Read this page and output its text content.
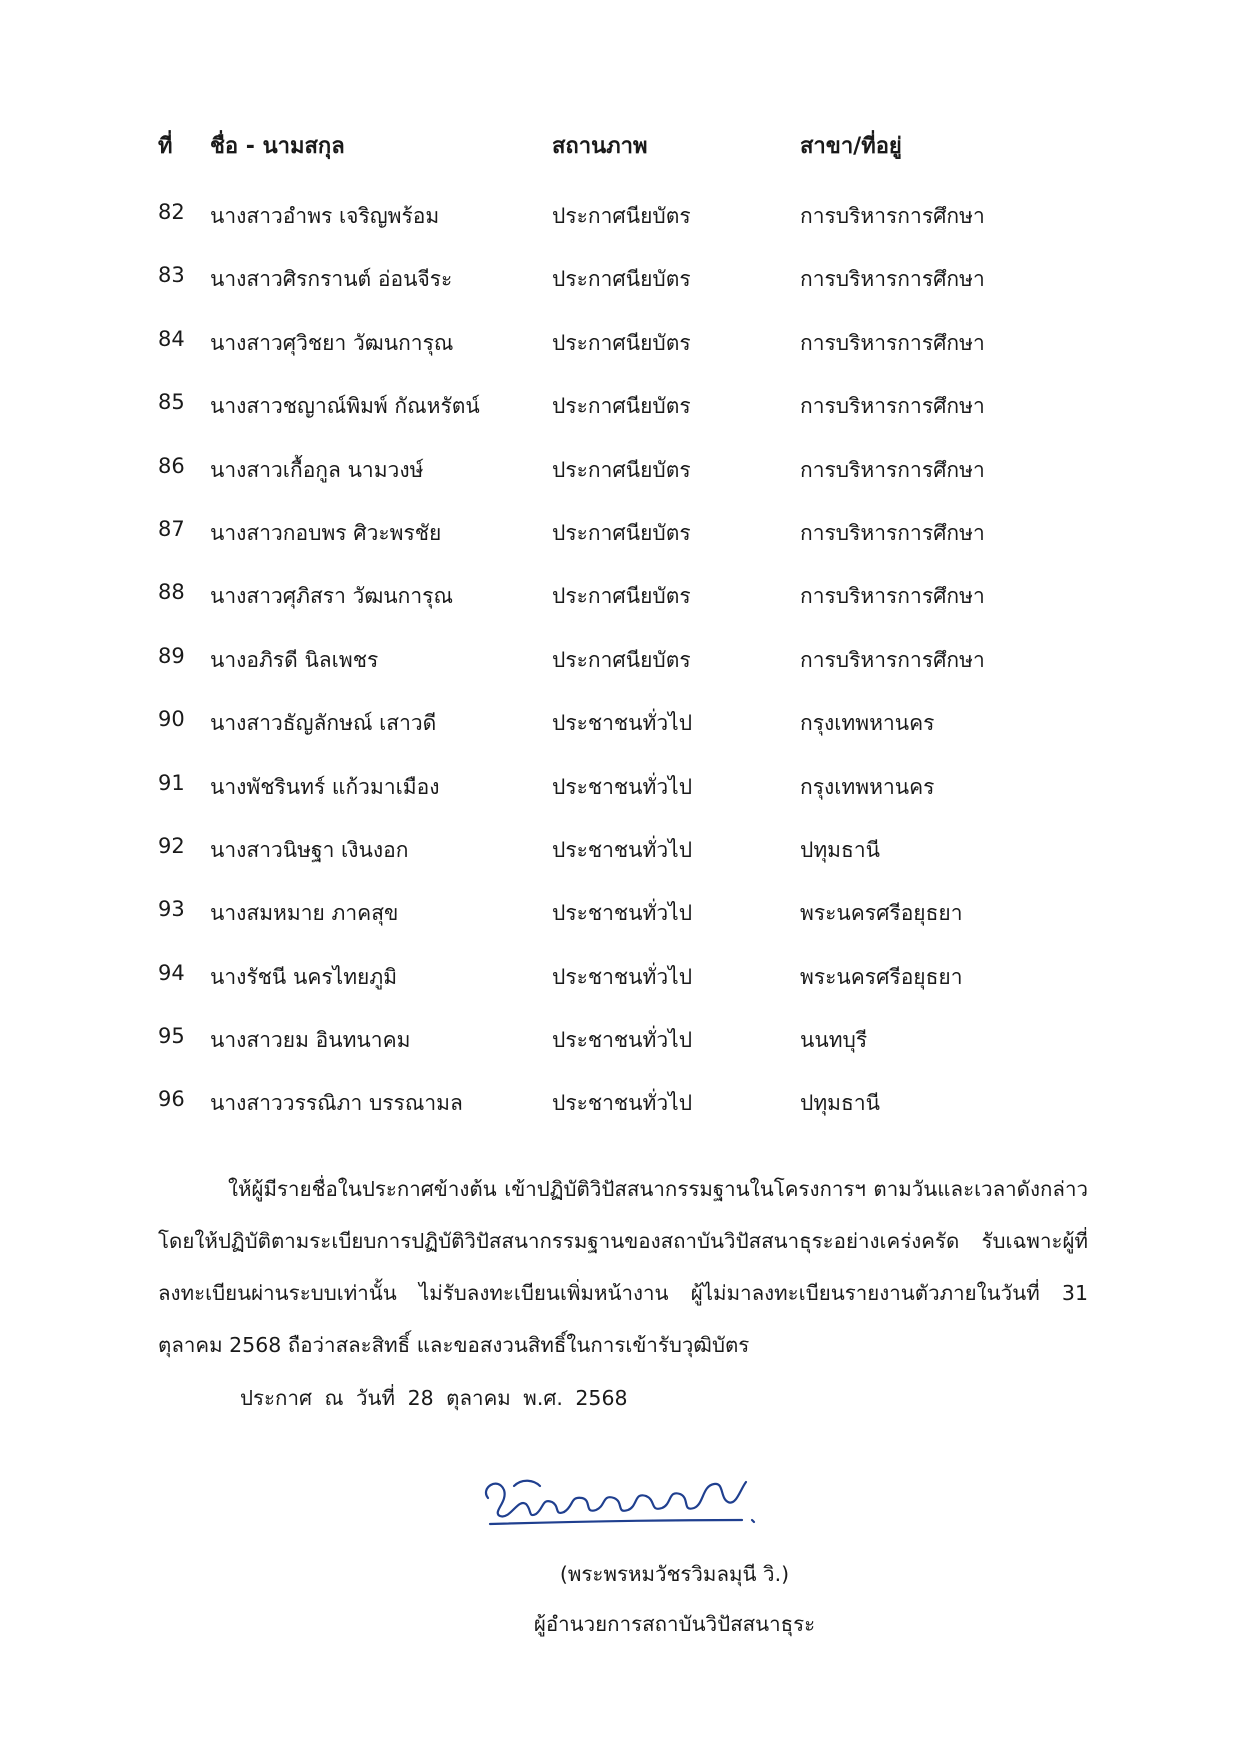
ที่ ชื่อ - นามสกุล	สถานภาพ	สาขา/ที่อยู่
82 นางสาวอำพร เจริญพร้อม	ประกาศนียบัตร	การบริหารการศึกษา
83 นางสาวศิรกรานต์ อ่อนจีระ	ประกาศนียบัตร	การบริหารการศึกษา
84 นางสาวศุวิชยา วัฒนการุณ	ประกาศนียบัตร	การบริหารการศึกษา
85 นางสาวชญาณ์พิมพ์ กัณหรัตน์	ประกาศนียบัตร	การบริหารการศึกษา
86 นางสาวเกื้อกูล นามวงษ์	ประกาศนียบัตร	การบริหารการศึกษา
87 นางสาวกอบพร ศิวะพรชัย	ประกาศนียบัตร	การบริหารการศึกษา
88 นางสาวศุภิสรา วัฒนการุณ	ประกาศนียบัตร	การบริหารการศึกษา
89 นางอภิรดี นิลเพชร	ประกาศนียบัตร	การบริหารการศึกษา
90 นางสาวธัญลักษณ์ เสาวดี	ประชาชนทั่วไป	กรุงเทพหานคร
91 นางพัชรินทร์ แก้วมาเมือง	ประชาชนทั่วไป	กรุงเทพหานคร
92 นางสาวนิษฐา เงินงอก	ประชาชนทั่วไป	ปทุมธานี
93 นางสมหมาย ภาคสุข	ประชาชนทั่วไป	พระนครศรีอยุธยา
94 นางรัชนี นครไทยภูมิ	ประชาชนทั่วไป	พระนครศรีอยุธยา
95 นางสาวยม อินทนาคม	ประชาชนทั่วไป	นนทบุรี
96 นางสาววรรณิภา บรรณามล	ประชาชนทั่วไป	ปทุมธานี
ให้ผู้มีรายชื่อในประกาศข้างต้น เข้าปฏิบัติวิปัสสนากรรมฐานในโครงการฯ ตามวันและเวลาดังกล่าว โดยให้ปฏิบัติตามระเบียบการปฏิบัติวิปัสสนากรรมฐานของสถาบันวิปัสสนาธุระอย่างเคร่งครัด รับเฉพาะผู้ที่ลงทะเบียนผ่านระบบเท่านั้น ไม่รับลงทะเบียนเพิ่มหน้างาน ผู้ไม่มาลงทะเบียนรายงานตัวภายในวันที่ 31 ตุลาคม 2568 ถือว่าสละสิทธิ์ และขอสงวนสิทธิ์ในการเข้ารับวุฒิบัตร
ประกาศ ณ วันที่ 28 ตุลาคม พ.ศ. 2568
(พระพรหมวัชรวิมลมุนี วิ.)
ผู้อำนวยการสถาบันวิปัสสนาธุระ
